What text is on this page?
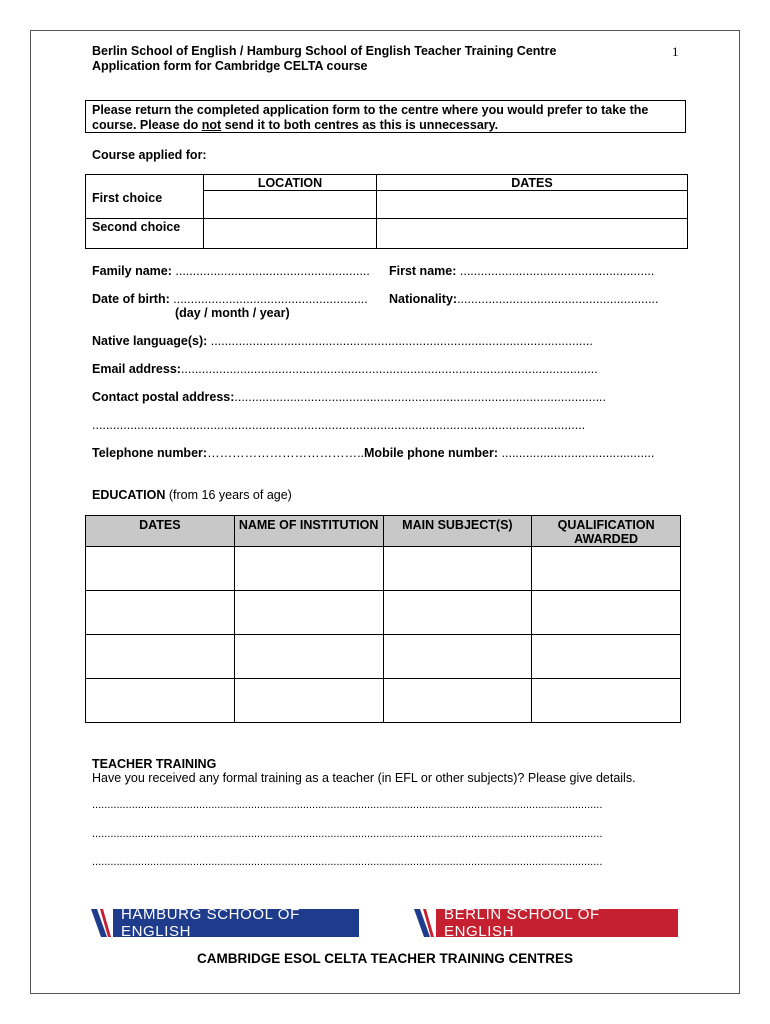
Berlin School of English / Hamburg School of English Teacher Training Centre
Application form for Cambridge CELTA course
1
Please return the completed application form to the centre where you would prefer to take the course. Please do not send it to both centres as this is unnecessary.
Course applied for:
	LOCATION	DATES
First choice		
Second choice		
Family name: ........................................................ First name: ........................................................
Date of birth: ........................................................ Nationality:..........................................................
(day / month / year)
Native language(s): ..............................................................................................................
Email address:........................................................................................................................
Contact postal address:...........................................................................................................
..............................................................................................................................................
Telephone number:………………………………..Mobile phone number: ............................................
EDUCATION (from 16 years of age)
DATES	NAME OF INSTITUTION	MAIN SUBJECT(S)	QUALIFICATION AWARDED

TEACHER TRAINING
Have you received any formal training as a teacher (in EFL or other subjects)? Please give details.
.......................................................................................................................................................................
.......................................................................................................................................................................
.......................................................................................................................................................................
HAMBURG SCHOOL OF ENGLISH
BERLIN SCHOOL OF ENGLISH
CAMBRIDGE ESOL CELTA TEACHER TRAINING CENTRES
